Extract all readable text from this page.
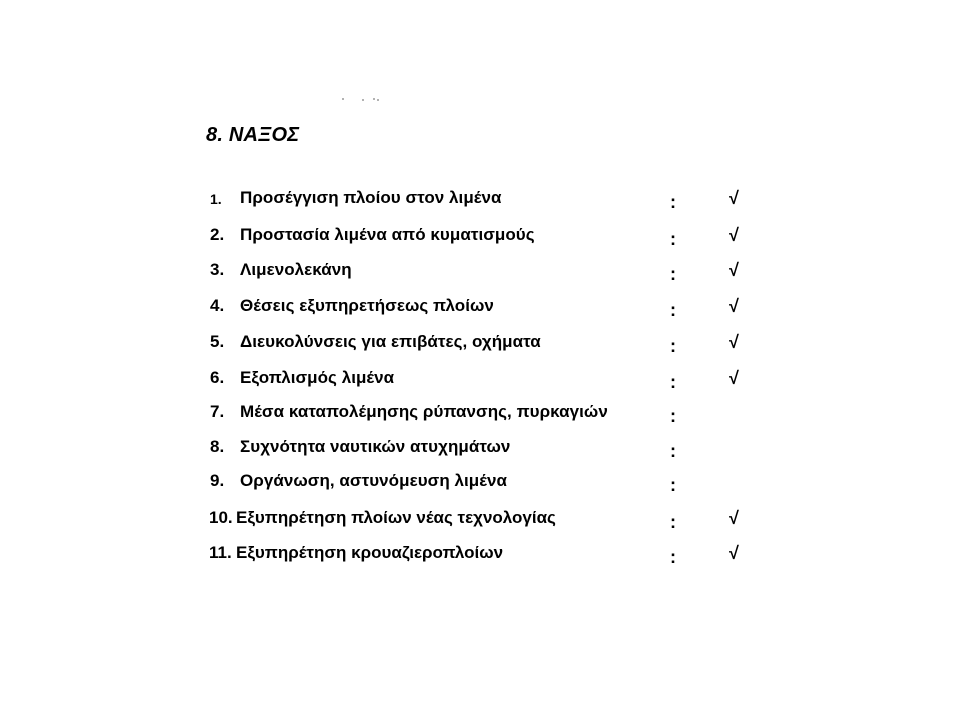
8. ΝΑΞΟΣ
1. Προσέγγιση πλοίου στον λιμένα	:	√
2. Προστασία λιμένα από κυματισμούς	:	√
3. Λιμενολεκάνη	:	√
4. Θέσεις εξυπηρετήσεως πλοίων	:	√
5. Διευκολύνσεις για επιβάτες, οχήματα	:	√
6. Εξοπλισμός λιμένα	:	√
7. Μέσα καταπολέμησης ρύπανσης, πυρκαγιών	:
8. Συχνότητα ναυτικών ατυχημάτων	:
9. Οργάνωση, αστυνόμευση λιμένα	:
10. Εξυπηρέτηση πλοίων νέας τεχνολογίας	:	√
11. Εξυπηρέτηση κρουαζιεροπλοίων	:	√
